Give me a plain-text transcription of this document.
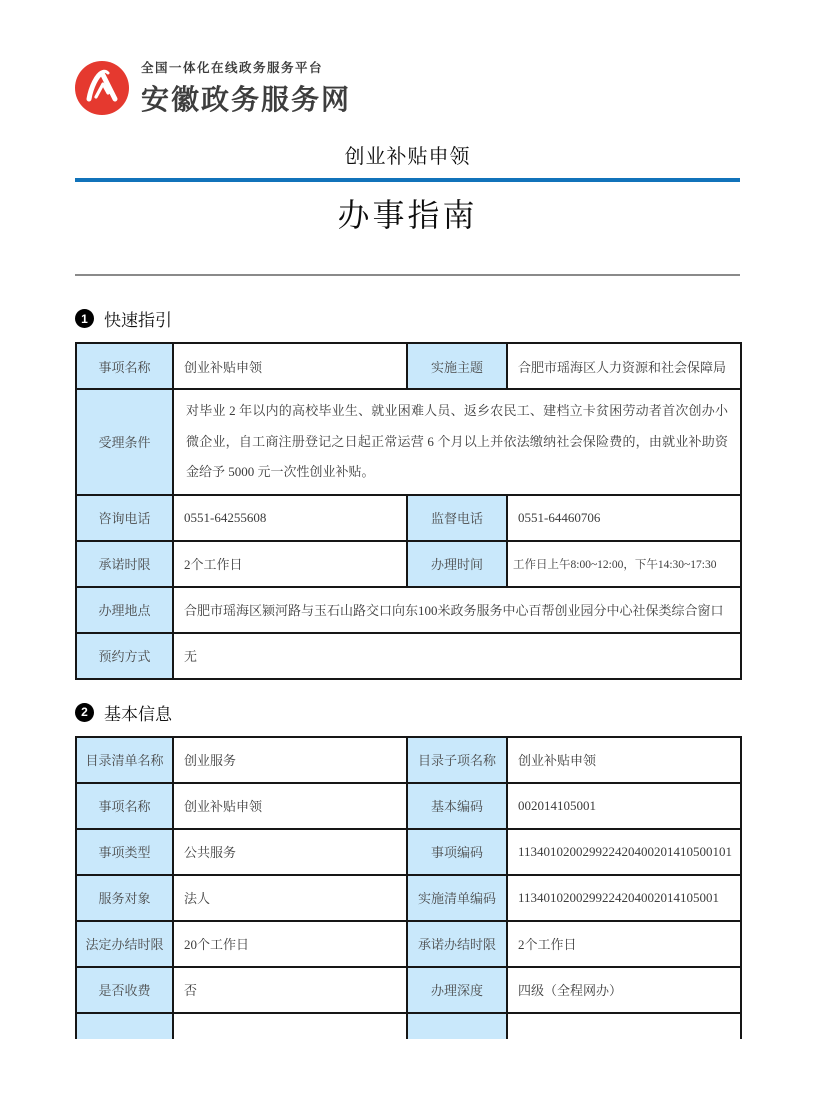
全国一体化在线政务服务平台
安徽政务服务网
创业补贴申领
办事指南
1 快速指引
事项名称	创业补贴申领	实施主题	合肥市瑶海区人力资源和社会保障局
受理条件	对毕业 2 年以内的高校毕业生、就业困难人员、返乡农民工、建档立卡贫困劳动者首次创办小微企业，自工商注册登记之日起正常运营 6 个月以上并依法缴纳社会保险费的，由就业补助资金给予 5000 元一次性创业补贴。		
咨询电话	0551-64255608	监督电话	0551-64460706
承诺时限	2个工作日	办理时间	工作日上午8:00~12:00，下午14:30~17:30
办理地点	合肥市瑶海区颍河路与玉石山路交口向东100米政务服务中心百帮创业园分中心社保类综合窗口		
预约方式	无		
2 基本信息
目录清单名称	创业服务	目录子项名称	创业补贴申领
事项名称	创业补贴申领	基本编码	002014105001
事项类型	公共服务	事项编码	113401020029922420400201410500101
服务对象	法人	实施清单编码	1134010200299224204002014105001
法定办结时限	20个工作日	承诺办结时限	2个工作日
是否收费	否	办理深度	四级（全程网办）
